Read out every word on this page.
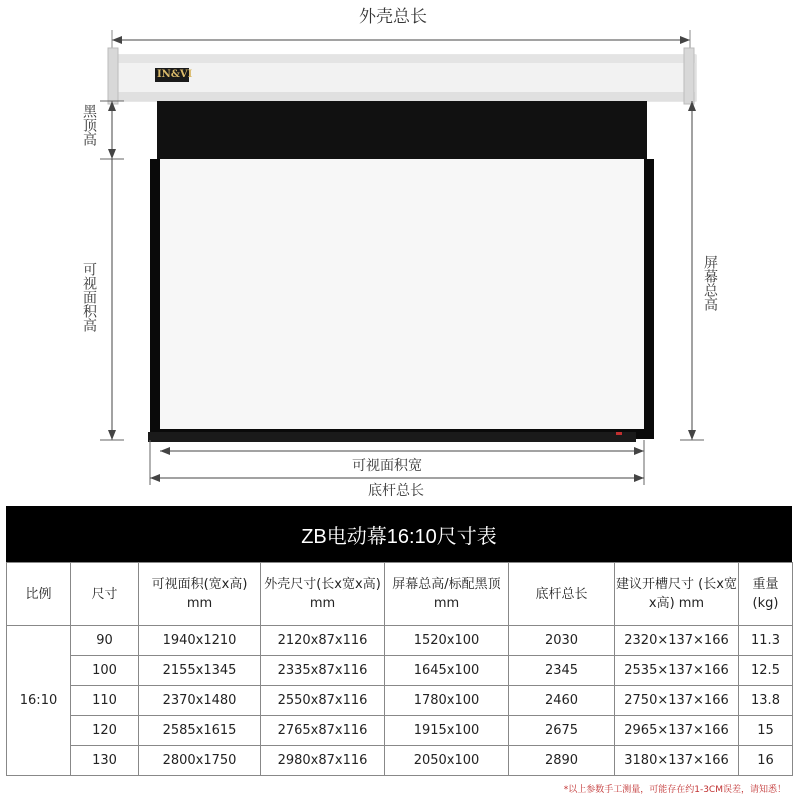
外壳总长
IN&VI
黑顶高
可视面积高	屏幕总高
可视面积宽
底杆总长
ZB电动幕16:10尺寸表
比例	尺寸	可视面积(宽x高) mm	外壳尺寸(长x宽x高) mm	屏幕总高/标配黑顶 mm	底杆总长	建议开槽尺寸 (长x宽x高) mm	重量 (kg)
16:10	90	1940x1210	2120x87x116	1520x100	2030	2320×137×166	11.3
	100	2155x1345	2335x87x116	1645x100	2345	2535×137×166	12.5
	110	2370x1480	2550x87x116	1780x100	2460	2750×137×166	13.8
	120	2585x1615	2765x87x116	1915x100	2675	2965×137×166	15
	130	2800x1750	2980x87x116	2050x100	2890	3180×137×166	16
*以上参数手工测量，可能存在约1-3CM误差，请知悉！
